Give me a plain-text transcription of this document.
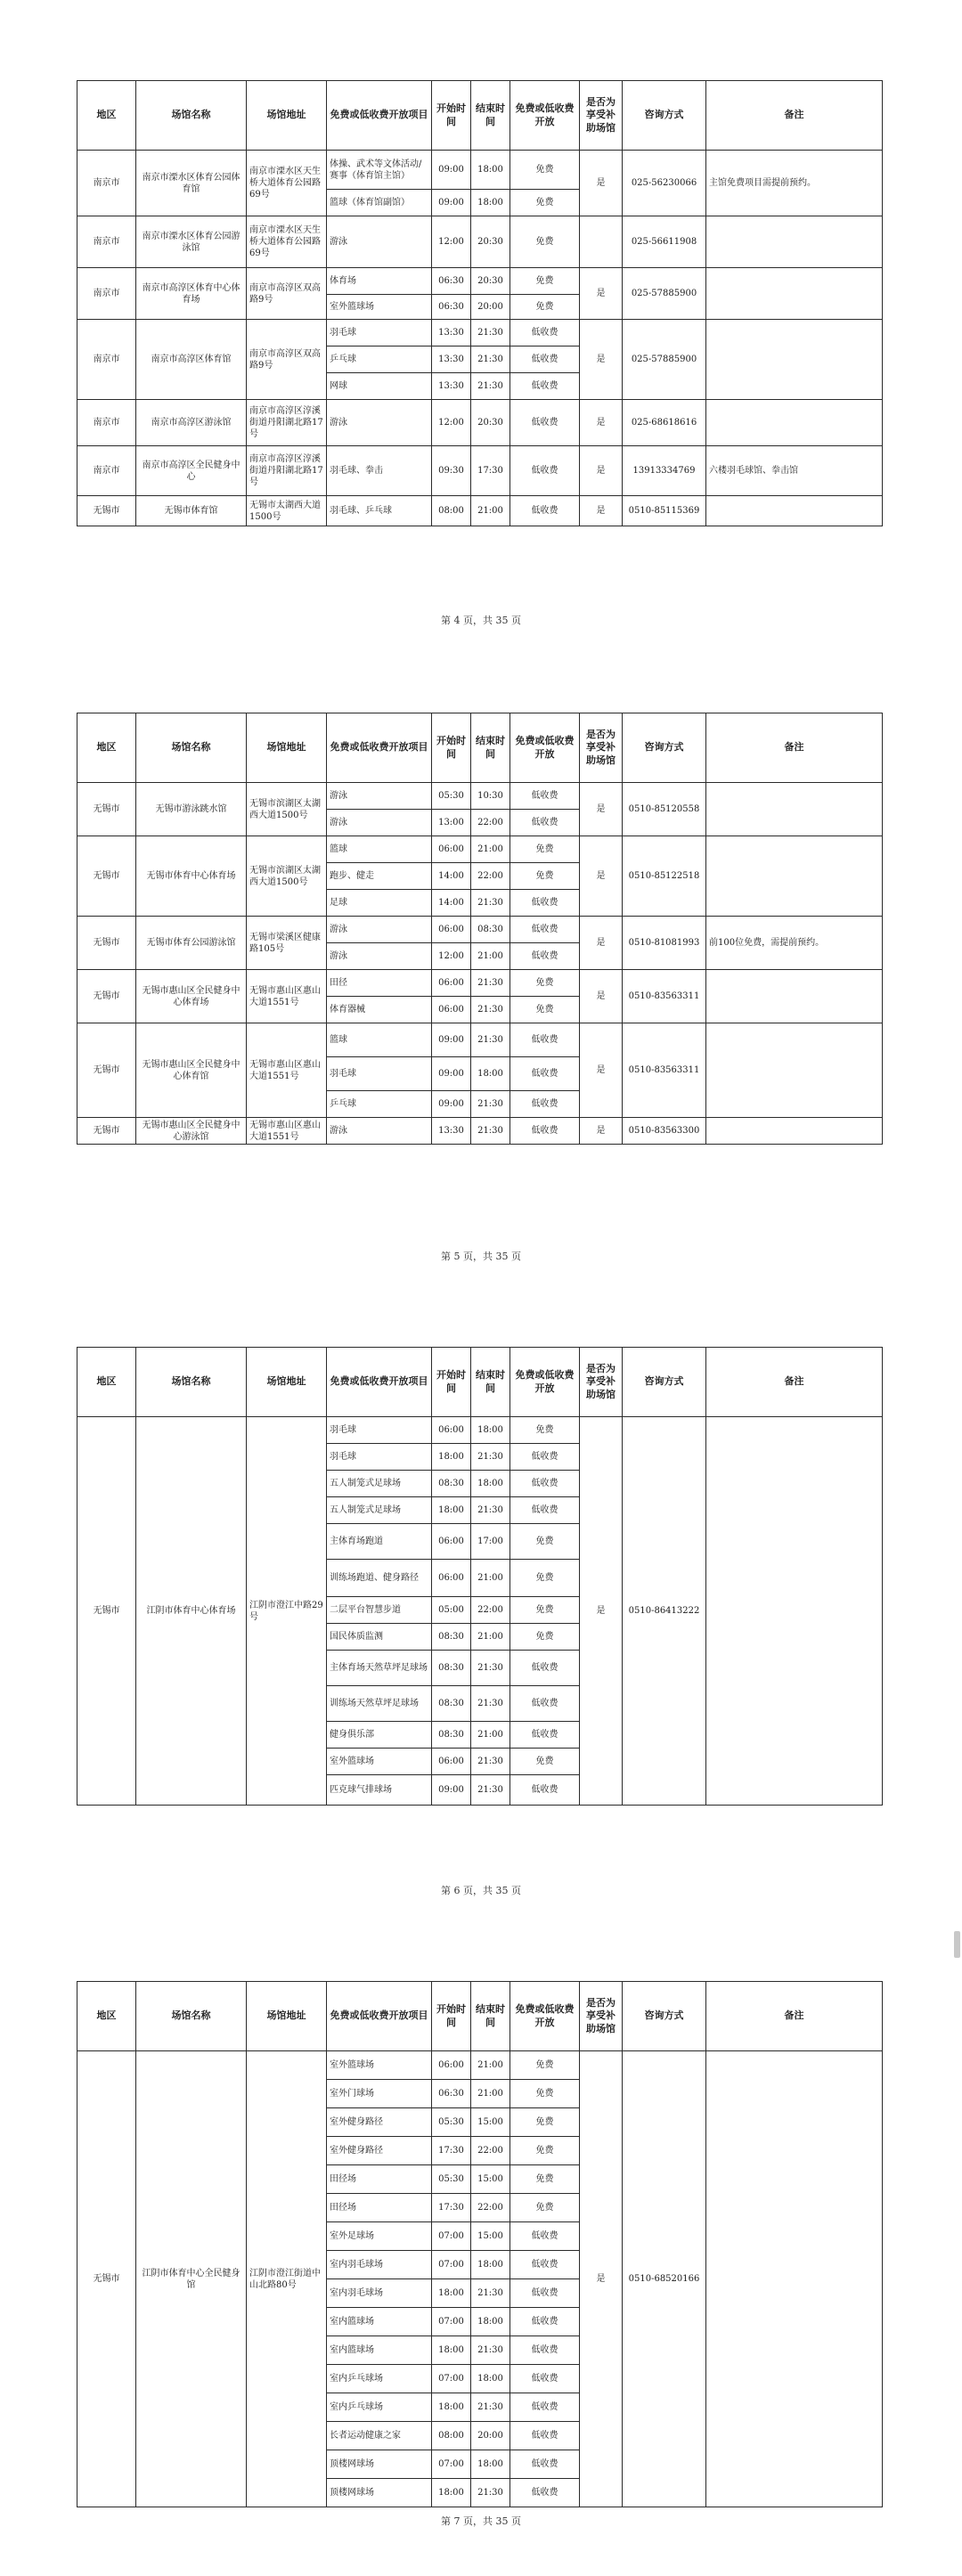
地区	场馆名称	场馆地址	免费或低收费开放项目	开始时间	结束时间	免费或低收费开放	是否为享受补助场馆	咨询方式	备注
南京市	南京市溧水区体育公园体育馆	南京市溧水区天生桥大道体育公园路69号	体操、武术等文体活动/赛事（体育馆主馆）	09:00	18:00	免费	是	025-56230066	主馆免费项目需提前预约。
			篮球（体育馆副馆）	09:00	18:00	免费			
南京市	南京市溧水区体育公园游泳馆	南京市溧水区天生桥大道体育公园路69号	游泳	12:00	20:30	免费		025-56611908	
南京市	南京市高淳区体育中心体育场	南京市高淳区双高路9号	体育场	06:30	20:30	免费	是	025-57885900	
			室外篮球场	06:30	20:00	免费			
南京市	南京市高淳区体育馆	南京市高淳区双高路9号	羽毛球	13:30	21:30	低收费	是	025-57885900	
			乒乓球	13:30	21:30	低收费			
			网球	13:30	21:30	低收费			
南京市	南京市高淳区游泳馆	南京市高淳区淳溪街道丹阳湖北路17号	游泳	12:00	20:30	低收费	是	025-68618616	
南京市	南京市高淳区全民健身中心	南京市高淳区淳溪街道丹阳湖北路17号	羽毛球、拳击	09:30	17:30	低收费	是	13913334769	六楼羽毛球馆、拳击馆
无锡市	无锡市体育馆	无锡市太湖西大道1500号	羽毛球、乒乓球	08:00	21:00	低收费	是	0510-85115369	
第 4 页，共 35 页
地区	场馆名称	场馆地址	免费或低收费开放项目	开始时间	结束时间	免费或低收费开放	是否为享受补助场馆	咨询方式	备注
无锡市	无锡市游泳跳水馆	无锡市滨湖区太湖西大道1500号	游泳	05:30	10:30	低收费	是	0510-85120558	
			游泳	13:00	22:00	低收费			
无锡市	无锡市体育中心体育场	无锡市滨湖区太湖西大道1500号	篮球	06:00	21:00	免费	是	0510-85122518	
			跑步、健走	14:00	22:00	免费			
			足球	14:00	21:30	低收费			
无锡市	无锡市体育公园游泳馆	无锡市梁溪区健康路105号	游泳	06:00	08:30	低收费	是	0510-81081993	前100位免费，需提前预约。
			游泳	12:00	21:00	低收费			
无锡市	无锡市惠山区全民健身中心体育场	无锡市惠山区惠山大道1551号	田径	06:00	21:30	免费	是	0510-83563311	
			体育器械	06:00	21:30	免费			
无锡市	无锡市惠山区全民健身中心体育馆	无锡市惠山区惠山大道1551号	篮球	09:00	21:30	低收费	是	0510-83563311	
			羽毛球	09:00	18:00	低收费			
			乒乓球	09:00	21:30	低收费			
无锡市	无锡市惠山区全民健身中心游泳馆	无锡市惠山区惠山大道1551号	游泳	13:30	21:30	低收费	是	0510-83563300	
第 5 页，共 35 页
地区	场馆名称	场馆地址	免费或低收费开放项目	开始时间	结束时间	免费或低收费开放	是否为享受补助场馆	咨询方式	备注
无锡市	江阴市体育中心体育场	江阴市澄江中路29号	羽毛球	06:00	18:00	免费	是	0510-86413222	
			羽毛球	18:00	21:30	低收费			
			五人制笼式足球场	08:30	18:00	低收费			
			五人制笼式足球场	18:00	21:30	低收费			
			主体育场跑道	06:00	17:00	免费			
			训练场跑道、健身路径	06:00	21:00	免费			
			二层平台智慧步道	05:00	22:00	免费			
			国民体质监测	08:30	21:00	免费			
			主体育场天然草坪足球场	08:30	21:30	低收费			
			训练场天然草坪足球场	08:30	21:30	低收费			
			健身俱乐部	08:30	21:00	低收费			
			室外篮球场	06:00	21:30	免费			
			匹克球气排球场	09:00	21:30	低收费			
第 6 页，共 35 页
地区	场馆名称	场馆地址	免费或低收费开放项目	开始时间	结束时间	免费或低收费开放	是否为享受补助场馆	咨询方式	备注
无锡市	江阴市体育中心全民健身馆	江阴市澄江街道中山北路80号	室外篮球场	06:00	21:00	免费	是	0510-68520166	
			室外门球场	06:30	21:00	免费			
			室外健身路径	05:30	15:00	免费			
			室外健身路径	17:30	22:00	免费			
			田径场	05:30	15:00	免费			
			田径场	17:30	22:00	免费			
			室外足球场	07:00	15:00	低收费			
			室内羽毛球场	07:00	18:00	低收费			
			室内羽毛球场	18:00	21:30	低收费			
			室内篮球场	07:00	18:00	低收费			
			室内篮球场	18:00	21:30	低收费			
			室内乒乓球场	07:00	18:00	低收费			
			室内乒乓球场	18:00	21:30	低收费			
			长者运动健康之家	08:00	20:00	低收费			
			顶楼网球场	07:00	18:00	低收费			
			顶楼网球场	18:00	21:30	低收费			
第 7 页，共 35 页
